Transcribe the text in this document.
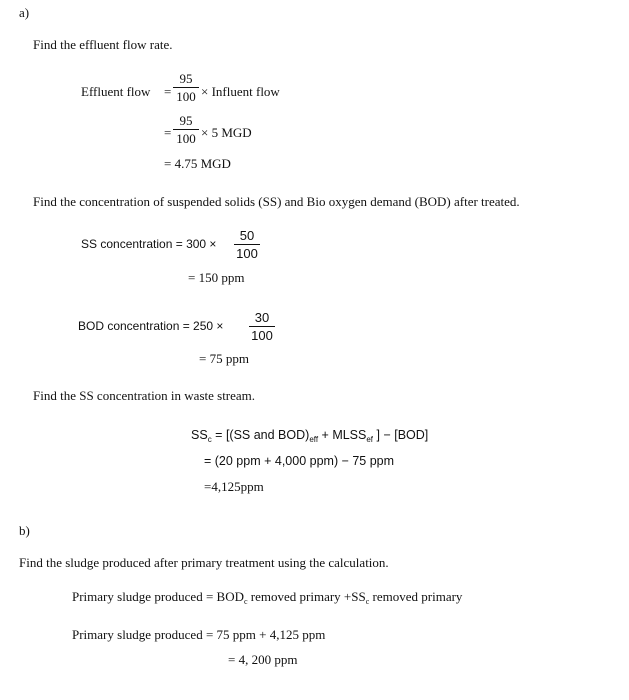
a)
Find the effluent flow rate.
Effluent flow =
95
100 × Influent flow
=
95
100 × 5 MGD
= 4.75 MGD
Find the concentration of suspended solids (SS) and Bio oxygen demand (BOD) after treated.
SS concentration = 300 ×
50
100
= 150 ppm
BOD concentration = 250 ×
30
100
= 75 ppm
Find the SS concentration in waste stream.
$SS_c = [(SS$ and $BOD)_{eff}$ + $MLSS_{ef}$ ] − [BOD]
= (20 ppm + 4,000 ppm) − 75 ppm
=4,125ppm
b)
Find the sludge produced after primary treatment using the calculation.
Primary sludge produced = $BOD_c$ removed primary $+SS_c$ removed primary
Primary sludge produced = 75 ppm + 4,125 ppm
= 4, 200 ppm
